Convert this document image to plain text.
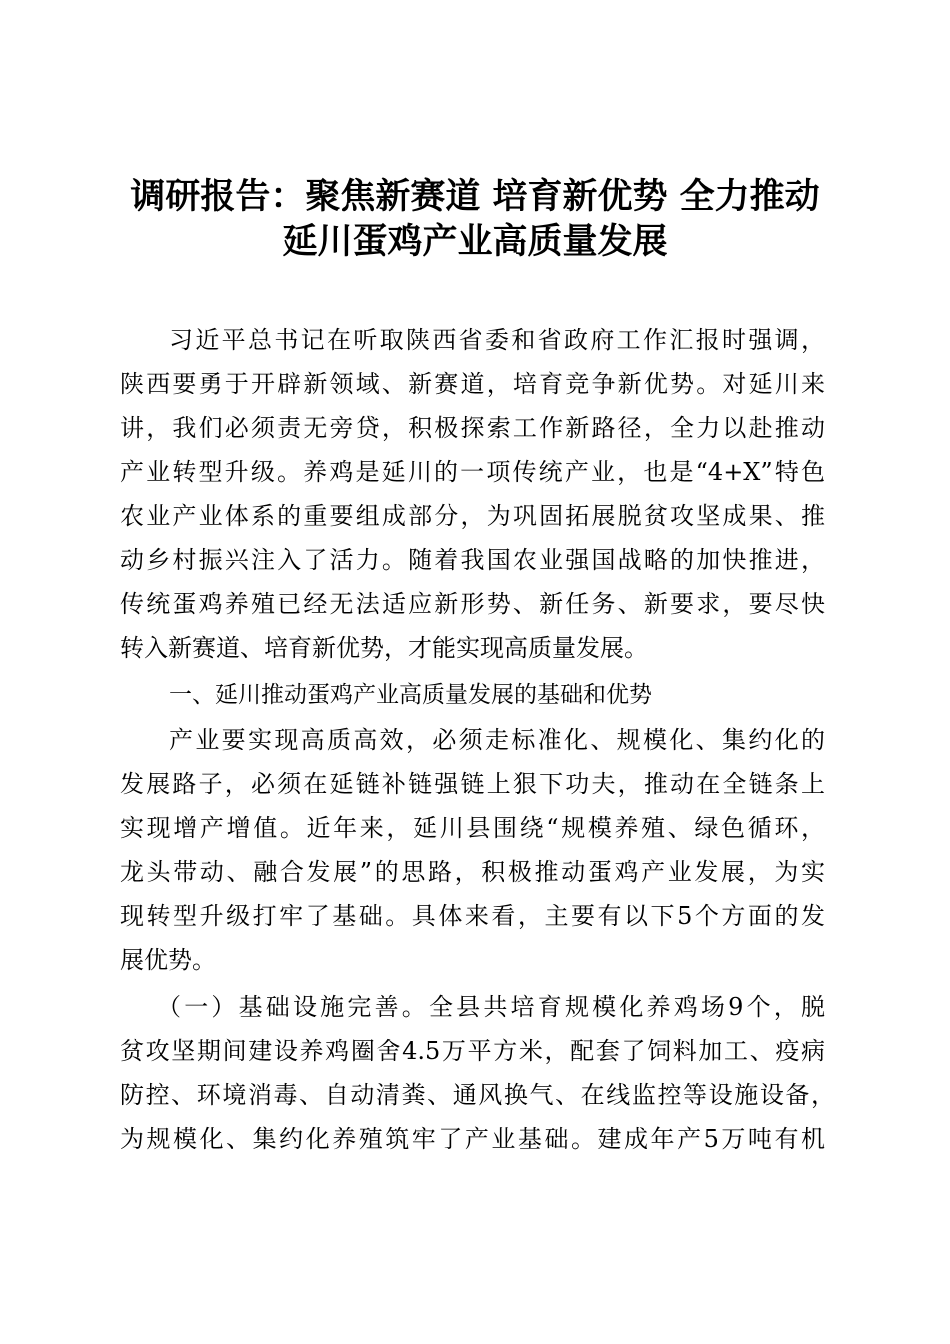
调研报告：聚焦新赛道 培育新优势 全力推动
延川蛋鸡产业高质量发展
习近平总书记在听取陕西省委和省政府工作汇报时强调，
陕西要勇于开辟新领域、新赛道，培育竞争新优势。对延川来
讲，我们必须责无旁贷，积极探索工作新路径，全力以赴推动
产业转型升级。养鸡是延川的一项传统产业，也是“4+X”特色
农业产业体系的重要组成部分，为巩固拓展脱贫攻坚成果、推
动乡村振兴注入了活力。随着我国农业强国战略的加快推进，
传统蛋鸡养殖已经无法适应新形势、新任务、新要求，要尽快
转入新赛道、培育新优势，才能实现高质量发展。
一、延川推动蛋鸡产业高质量发展的基础和优势
产业要实现高质高效，必须走标准化、规模化、集约化的
发展路子，必须在延链补链强链上狠下功夫，推动在全链条上
实现增产增值。近年来，延川县围绕“规模养殖、绿色循环，
龙头带动、融合发展”的思路，积极推动蛋鸡产业发展，为实
现转型升级打牢了基础。具体来看，主要有以下5个方面的发
展优势。
（一）基础设施完善。全县共培育规模化养鸡场9个，脱
贫攻坚期间建设养鸡圈舍4.5万平方米，配套了饲料加工、疫病
防控、环境消毒、自动清粪、通风换气、在线监控等设施设备，
为规模化、集约化养殖筑牢了产业基础。建成年产5万吨有机
